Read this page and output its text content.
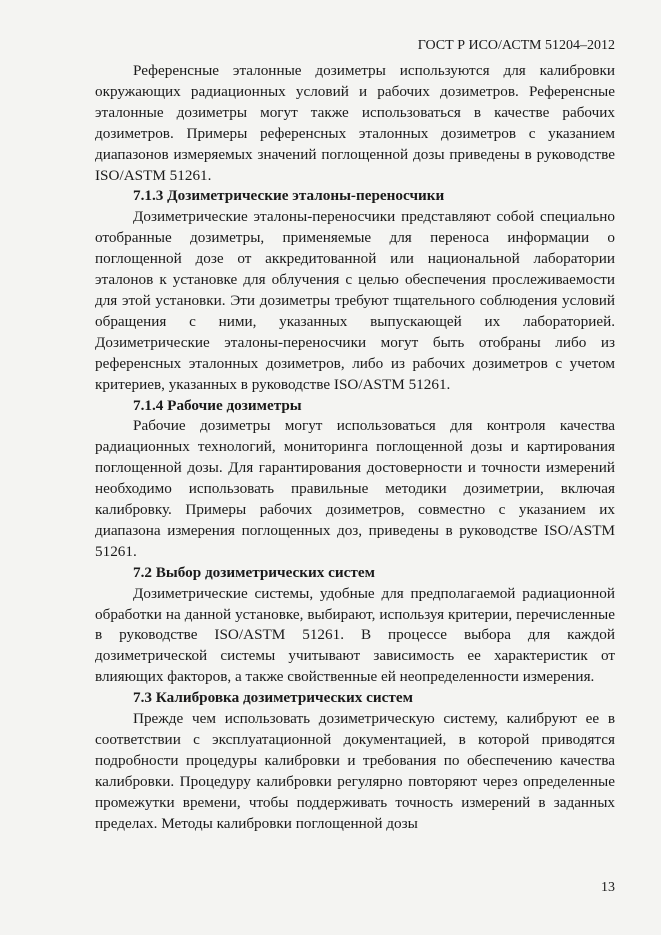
ГОСТ Р ИСО/АСТМ 51204–2012

Референсные эталонные дозиметры используются для калибровки окружающих радиационных условий и рабочих дозиметров. Референсные эталонные дозиметры могут также использоваться в качестве рабочих дозиметров. Примеры референсных эталонных дозиметров с указанием диапазонов измеряемых значений поглощенной дозы приведены в руководстве ISO/ASTM 51261.

7.1.3 Дозиметрические эталоны-переносчики

Дозиметрические эталоны-переносчики представляют собой специально отобранные дозиметры, применяемые для переноса информации о поглощенной дозе от аккредитованной или национальной лаборатории эталонов к установке для облучения с целью обеспечения прослеживаемости для этой установки. Эти дозиметры требуют тщательного соблюдения условий обращения с ними, указанных выпускающей их лабораторией. Дозиметрические эталоны-переносчики могут быть отобраны либо из референсных эталонных дозиметров, либо из рабочих дозиметров с учетом критериев, указанных в руководстве ISO/ASTM 51261.

7.1.4 Рабочие дозиметры

Рабочие дозиметры могут использоваться для контроля качества радиационных технологий, мониторинга поглощенной дозы и картирования поглощенной дозы. Для гарантирования достоверности и точности измерений необходимо использовать правильные методики дозиметрии, включая калибровку. Примеры рабочих дозиметров, совместно с указанием их диапазона измерения поглощенных доз, приведены в руководстве ISO/ASTM 51261.

7.2 Выбор дозиметрических систем

Дозиметрические системы, удобные для предполагаемой радиационной обработки на данной установке, выбирают, используя критерии, перечисленные в руководстве ISO/ASTM 51261. В процессе выбора для каждой дозиметрической системы учитывают зависимость ее характеристик от влияющих факторов, а также свойственные ей неопределенности измерения.

7.3 Калибровка дозиметрических систем

Прежде чем использовать дозиметрическую систему, калибруют ее в соответствии с эксплуатационной документацией, в которой приводятся подробности процедуры калибровки и требования по обеспечению качества калибровки. Процедуру калибровки регулярно повторяют через определенные промежутки времени, чтобы поддерживать точность измерений в заданных пределах. Методы калибровки поглощенной дозы

13
